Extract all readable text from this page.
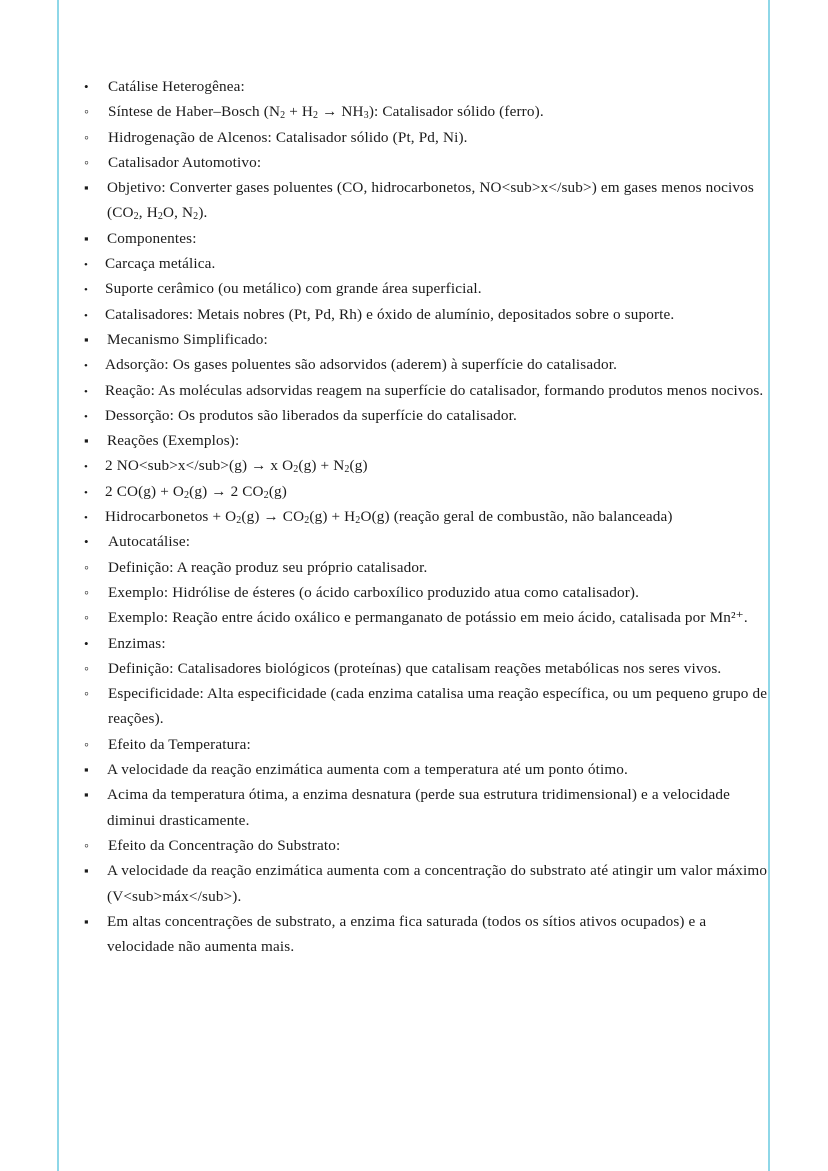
•
Catálise Heterogênea:
◦
Síntese de Haber–Bosch $(N_2 + H_2 \to NH_3)$: Catalisador sólido (ferro).
◦
Hidrogenação de Alcenos: Catalisador sólido (Pt, Pd, Ni).
◦
Catalisador Automotivo:
▪
Objetivo: Converter gases poluentes (CO, hidrocarbonetos, NO<sub>x</sub>) em gases menos nocivos ($CO_2$, $H_2O$, $N_2$).
▪
Componentes:
•
Carcaça metálica.
•
Suporte cerâmico (ou metálico) com grande área superficial.
•
Catalisadores: Metais nobres (Pt, Pd, Rh) e óxido de alumínio, depositados sobre o suporte.
▪
Mecanismo Simplificado:
•
Adsorção: Os gases poluentes são adsorvidos (aderem) à superfície do catalisador.
•
Reação: As moléculas adsorvidas reagem na superfície do catalisador, formando produtos menos nocivos.
•
Dessorção: Os produtos são liberados da superfície do catalisador.
▪
Reações (Exemplos):
•
2 NO<sub>x</sub>(g) → x $O_2(g) + N_2(g)$
•
2 $CO(g) + O_2(g) \to 2$ $CO_2(g)$
•
Hidrocarbonetos + $O_2(g) \to CO_2(g) + H_2O(g)$ (reação geral de combustão, não balanceada)
•
Autocatálise:
◦
Definição: A reação produz seu próprio catalisador.
◦
Exemplo: Hidrólise de ésteres (o ácido carboxílico produzido atua como catalisador).
◦
Exemplo: Reação entre ácido oxálico e permanganato de potássio em meio ácido, catalisada por Mn²⁺.
•
Enzimas:
◦
Definição: Catalisadores biológicos (proteínas) que catalisam reações metabólicas nos seres vivos.
◦
Especificidade: Alta especificidade (cada enzima catalisa uma reação específica, ou um pequeno grupo de reações).
◦
Efeito da Temperatura:
▪
A velocidade da reação enzimática aumenta com a temperatura até um ponto ótimo.
▪
Acima da temperatura ótima, a enzima desnatura (perde sua estrutura tridimensional) e a velocidade diminui drasticamente.
◦
Efeito da Concentração do Substrato:
▪
A velocidade da reação enzimática aumenta com a concentração do substrato até atingir um valor máximo (V<sub>máx</sub>).
▪
Em altas concentrações de substrato, a enzima fica saturada (todos os sítios ativos ocupados) e a velocidade não aumenta mais.
